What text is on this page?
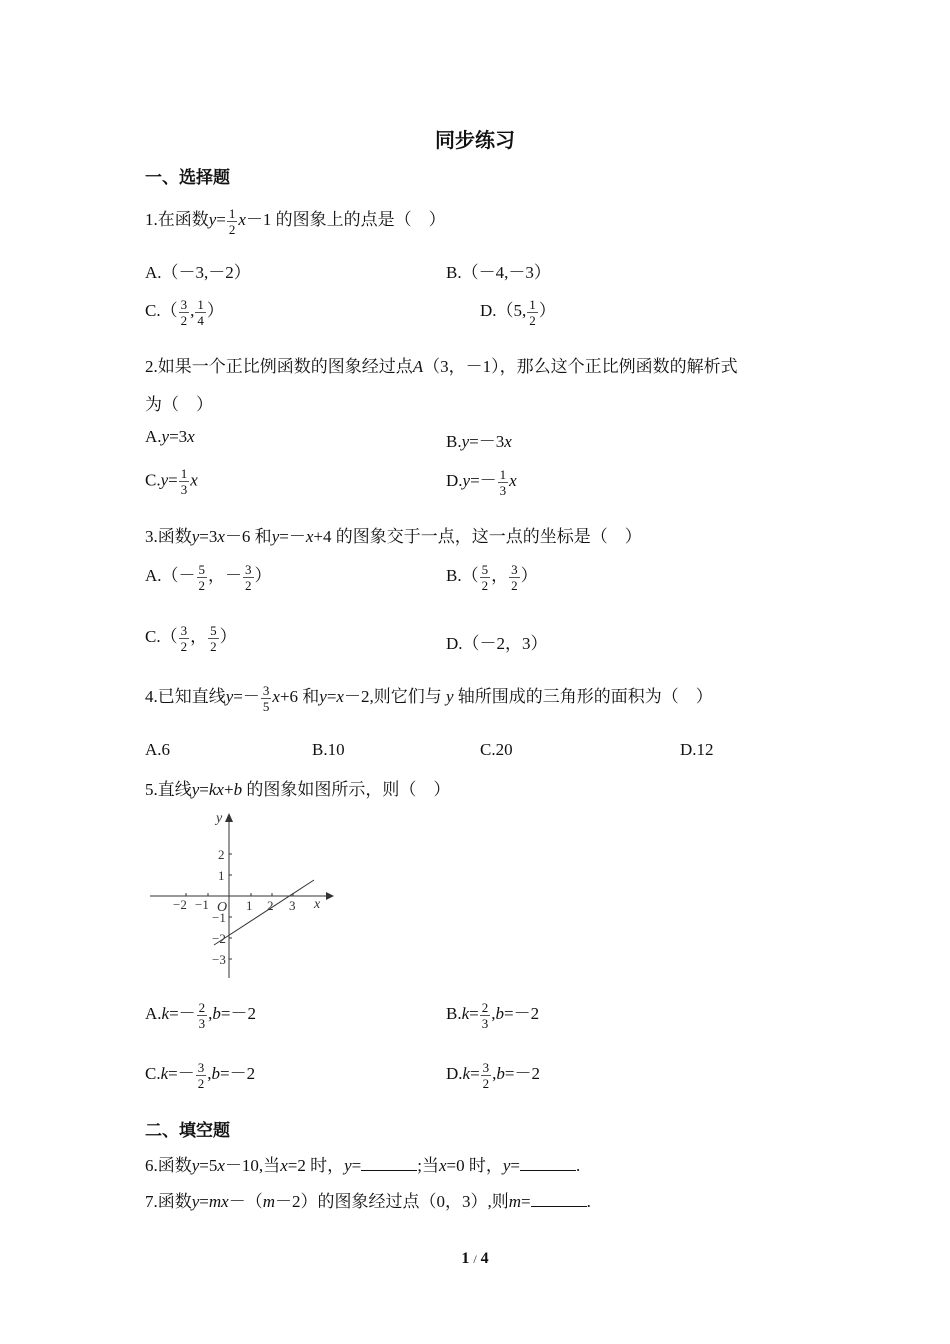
同步练习
一、选择题
1.在函数$y= \frac{1}{2} x-1$ 的图象上的点是（　）
A.（－3,－2）	B.（－4,－3）
$C.( \frac{3}{2}$ , $\frac{1}{4}$ ）	D.（5, $\frac{1}{2}$ ）
2.如果一个正比例函数的图象经过点A（3，－1），那么这个正比例函数的解析式
为（　）
A.y=3x	B.y=－3x
$C.y= \frac{1}{3}$ x	$D.y=- \frac{1}{3}$ x
3.函数y=3x－6 和y=－x+4 的图象交于一点，这一点的坐标是（　）
$A.(- \frac{5}{2}$ ，－ $\frac{3}{2}$ ）	$B.( \frac{5}{2}$ ， $\frac{3}{2}$ ）
$C.( \frac{3}{2}$ ， $\frac{5}{2}$ ）	D.（－2，3）
4.已知直线$y=- \frac{3}{5} x+6$ 和y=x－2,则它们与 y 轴所围成的三角形的面积为（　）
A.6	B.10	C.20	D.12
5.直线y=kx+b 的图象如图所示，则（　）
y
x
O
−2 −1	1 2 3
2
1
−1
−2
−3
$A.k=- \frac{2}{3} ,b=-2$	$B.k= \frac{2}{3} ,b=-2$
$C.k=- \frac{3}{2} ,b=-2$	$D.k= \frac{3}{2} ,b=-2$
二、填空题
6.函数y=5x－10,当x=2 时，y=	;当x=0 时，y=	.
7.函数y=mx－（m－2）的图象经过点（0，3）,则m=	.
1 / 4
